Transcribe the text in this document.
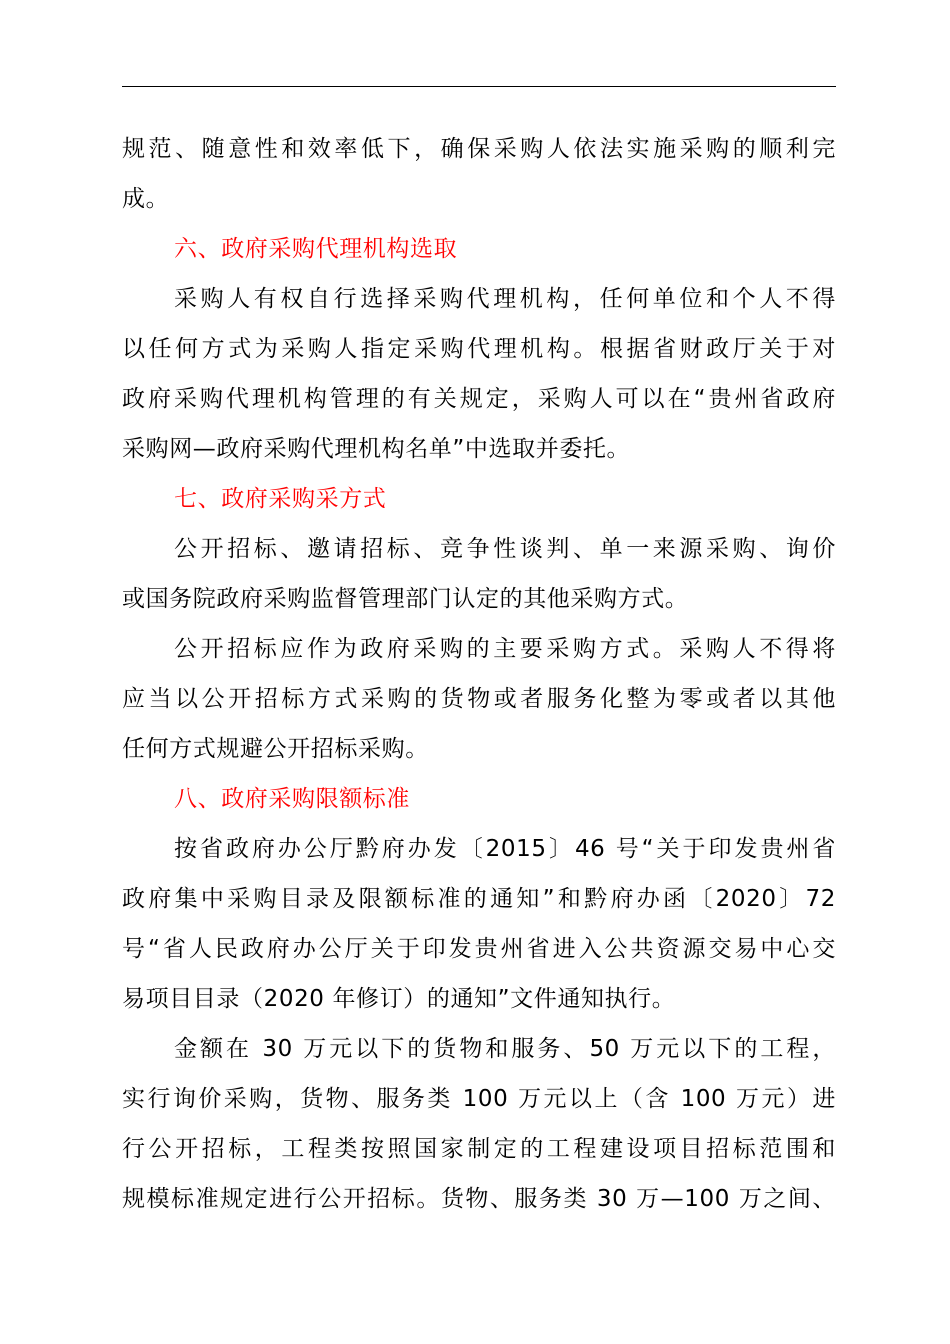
规范、随意性和效率低下，确保采购人依法实施采购的顺利完
成。
六、政府采购代理机构选取
采购人有权自行选择采购代理机构，任何单位和个人不得
以任何方式为采购人指定采购代理机构。根据省财政厅关于对
政府采购代理机构管理的有关规定，采购人可以在“贵州省政府
采购网—政府采购代理机构名单”中选取并委托。
七、政府采购采方式
公开招标、邀请招标、竞争性谈判、单一来源采购、询价
或国务院政府采购监督管理部门认定的其他采购方式。
公开招标应作为政府采购的主要采购方式。采购人不得将
应当以公开招标方式采购的货物或者服务化整为零或者以其他
任何方式规避公开招标采购。
八、政府采购限额标准
按省政府办公厅黔府办发〔2015〕46 号“关于印发贵州省
政府集中采购目录及限额标准的通知”和黔府办函〔2020〕72
号“省人民政府办公厅关于印发贵州省进入公共资源交易中心交
易项目目录（2020 年修订）的通知”文件通知执行。
金额在 30 万元以下的货物和服务、50 万元以下的工程，
实行询价采购，货物、服务类 100 万元以上（含 100 万元）进
行公开招标，工程类按照国家制定的工程建设项目招标范围和
规模标准规定进行公开招标。货物、服务类 30 万—100 万之间、
